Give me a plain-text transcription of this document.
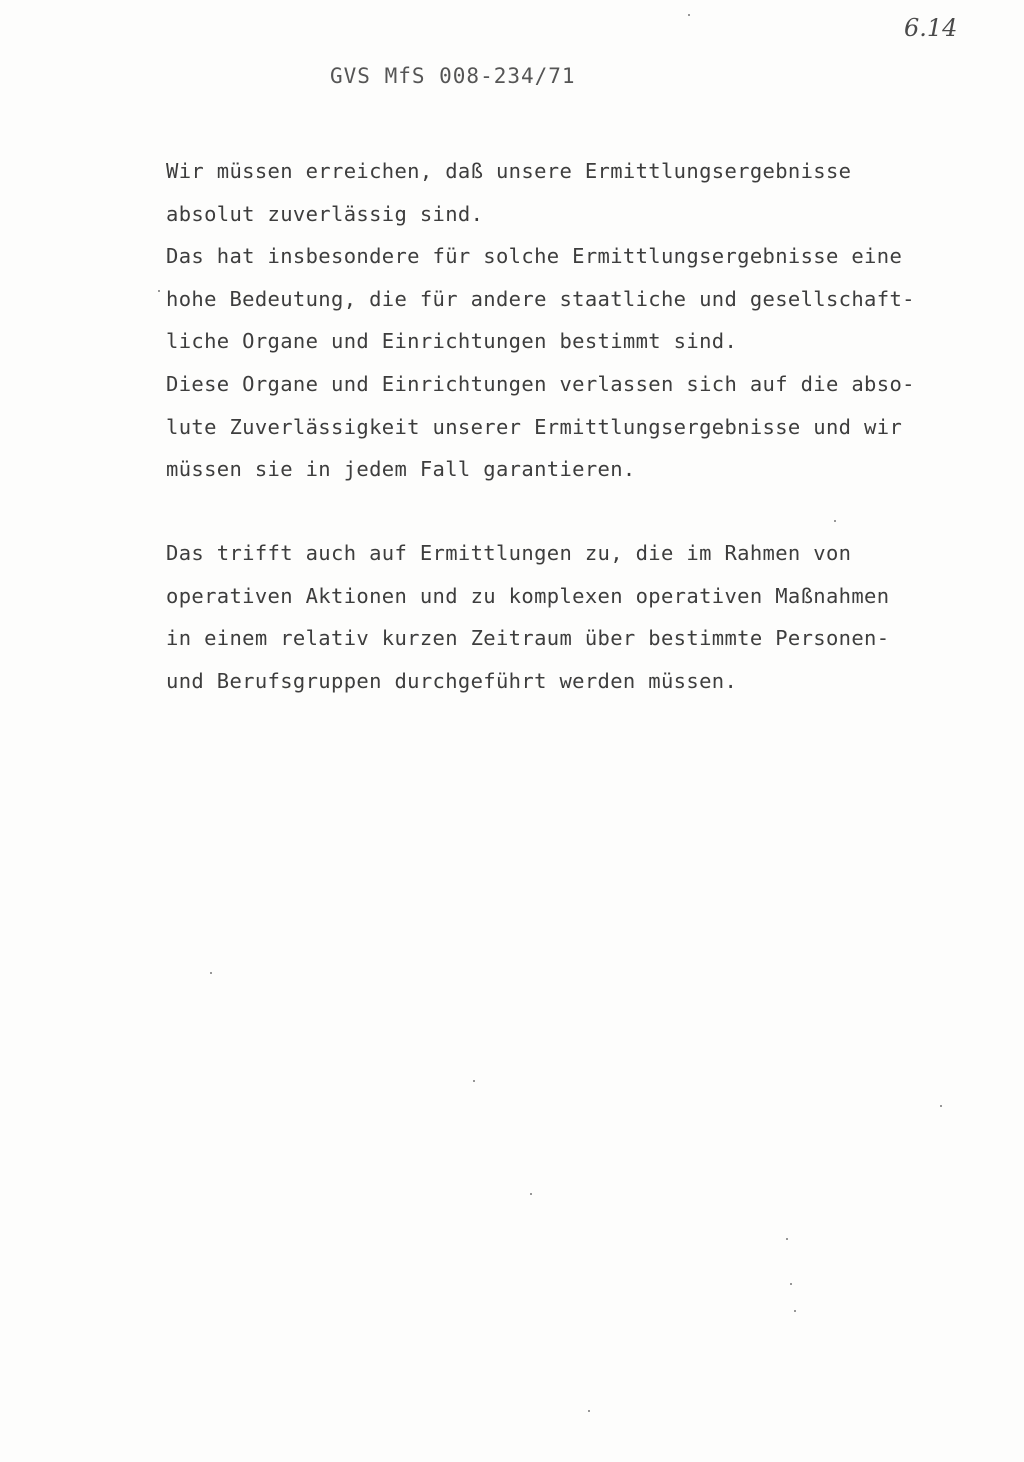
6.14
GVS MfS 008-234/71
Wir müssen erreichen, daß unsere Ermittlungsergebnisse
absolut zuverlässig sind.
Das hat insbesondere für solche Ermittlungsergebnisse eine
hohe Bedeutung, die für andere staatliche und gesellschaft-
liche Organe und Einrichtungen bestimmt sind.
Diese Organe und Einrichtungen verlassen sich auf die abso-
lute Zuverlässigkeit unserer Ermittlungsergebnisse und wir
müssen sie in jedem Fall garantieren.
Das trifft auch auf Ermittlungen zu, die im Rahmen von
operativen Aktionen und zu komplexen operativen Maßnahmen
in einem relativ kurzen Zeitraum über bestimmte Personen-
und Berufsgruppen durchgeführt werden müssen.
